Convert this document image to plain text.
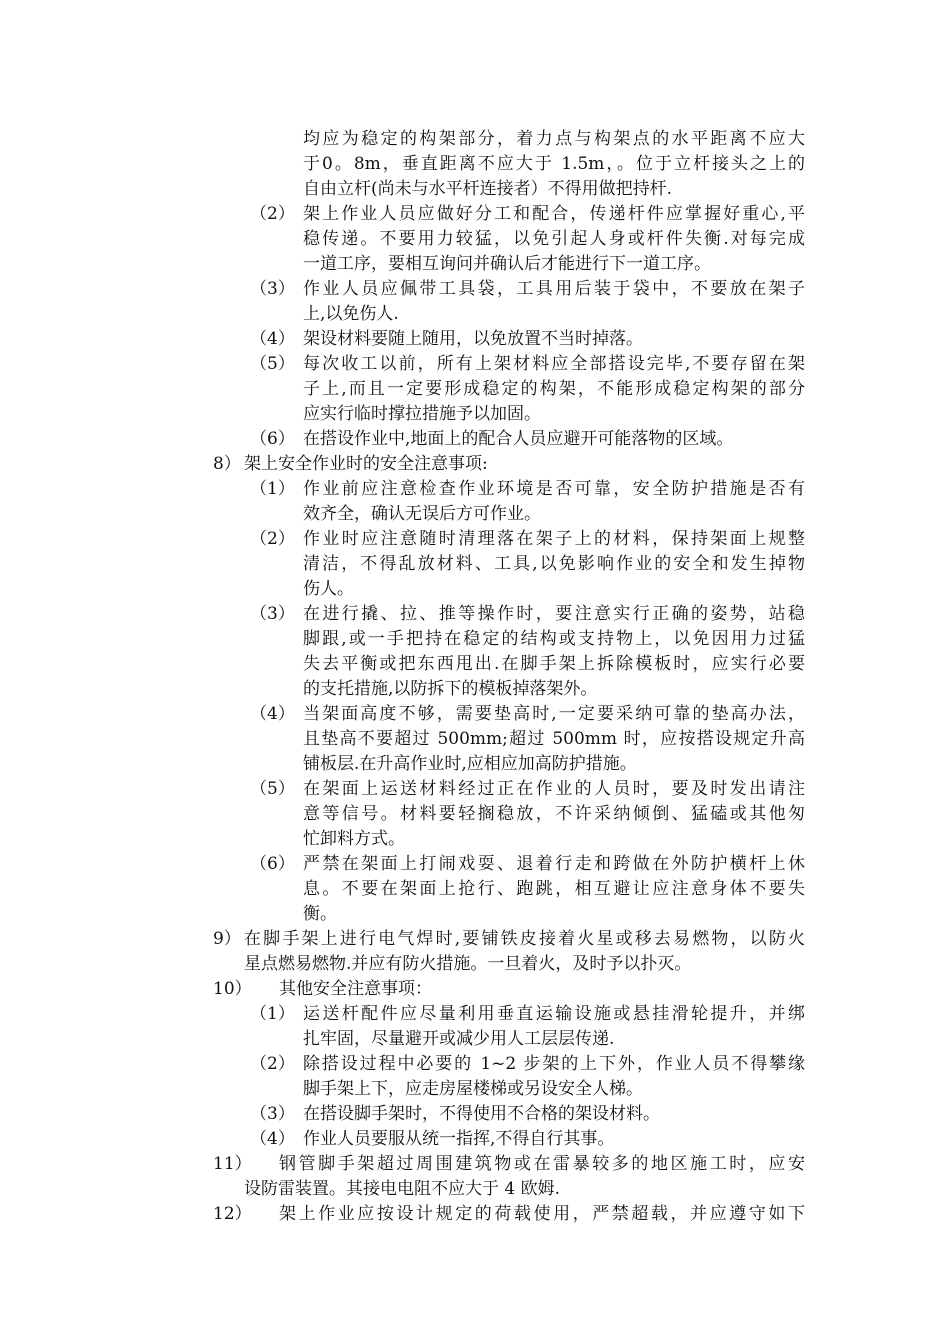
均应为稳定的构架部分，着力点与构架点的水平距离不应大
于0。8m，垂直距离不应大于 1.5m，。位于立杆接头之上的
自由立杆(尚未与水平杆连接者）不得用做把持杆.
（2） 架上作业人员应做好分工和配合，传递杆件应掌握好重心,平
稳传递。不要用力较猛，以免引起人身或杆件失衡.对每完成
一道工序，要相互询问并确认后才能进行下一道工序。
（3） 作业人员应佩带工具袋，工具用后装于袋中，不要放在架子
上,以免伤人.
（4） 架设材料要随上随用，以免放置不当时掉落。
（5） 每次收工以前，所有上架材料应全部搭设完毕,不要存留在架
子上,而且一定要形成稳定的构架，不能形成稳定构架的部分
应实行临时撑拉措施予以加固。
（6） 在搭设作业中,地面上的配合人员应避开可能落物的区域。
8） 架上安全作业时的安全注意事项:
（1） 作业前应注意检查作业环境是否可靠，安全防护措施是否有
效齐全，确认无误后方可作业。
（2） 作业时应注意随时清理落在架子上的材料，保持架面上规整
清洁，不得乱放材料、工具,以免影响作业的安全和发生掉物
伤人。
（3） 在进行撬、拉、推等操作时，要注意实行正确的姿势，站稳
脚跟,或一手把持在稳定的结构或支持物上，以免因用力过猛
失去平衡或把东西甩出.在脚手架上拆除模板时，应实行必要
的支托措施,以防拆下的模板掉落架外。
（4） 当架面高度不够，需要垫高时,一定要采纳可靠的垫高办法，
且垫高不要超过 500mm;超过 500mm 时，应按搭设规定升高
铺板层.在升高作业时,应相应加高防护措施。
（5） 在架面上运送材料经过正在作业的人员时，要及时发出请注
意等信号。材料要轻搁稳放，不许采纳倾倒、猛磕或其他匆
忙卸料方式。
（6） 严禁在架面上打闹戏耍、退着行走和跨做在外防护横杆上休
息。不要在架面上抢行、跑跳，相互避让应注意身体不要失
衡。
9） 在脚手架上进行电气焊时,要铺铁皮接着火星或移去易燃物，以防火
星点燃易燃物.并应有防火措施。一旦着火，及时予以扑灭。
10） 其他安全注意事项：
（1） 运送杆配件应尽量利用垂直运输设施或悬挂滑轮提升，并绑
扎牢固，尽量避开或减少用人工层层传递.
（2） 除搭设过程中必要的 1~2 步架的上下外，作业人员不得攀缘
脚手架上下，应走房屋楼梯或另设安全人梯。
（3） 在搭设脚手架时，不得使用不合格的架设材料。
（4） 作业人员要服从统一指挥,不得自行其事。
11） 钢管脚手架超过周围建筑物或在雷暴较多的地区施工时，应安
设防雷装置。其接电电阻不应大于 4 欧姆.
12） 架上作业应按设计规定的荷载使用，严禁超载，并应遵守如下
